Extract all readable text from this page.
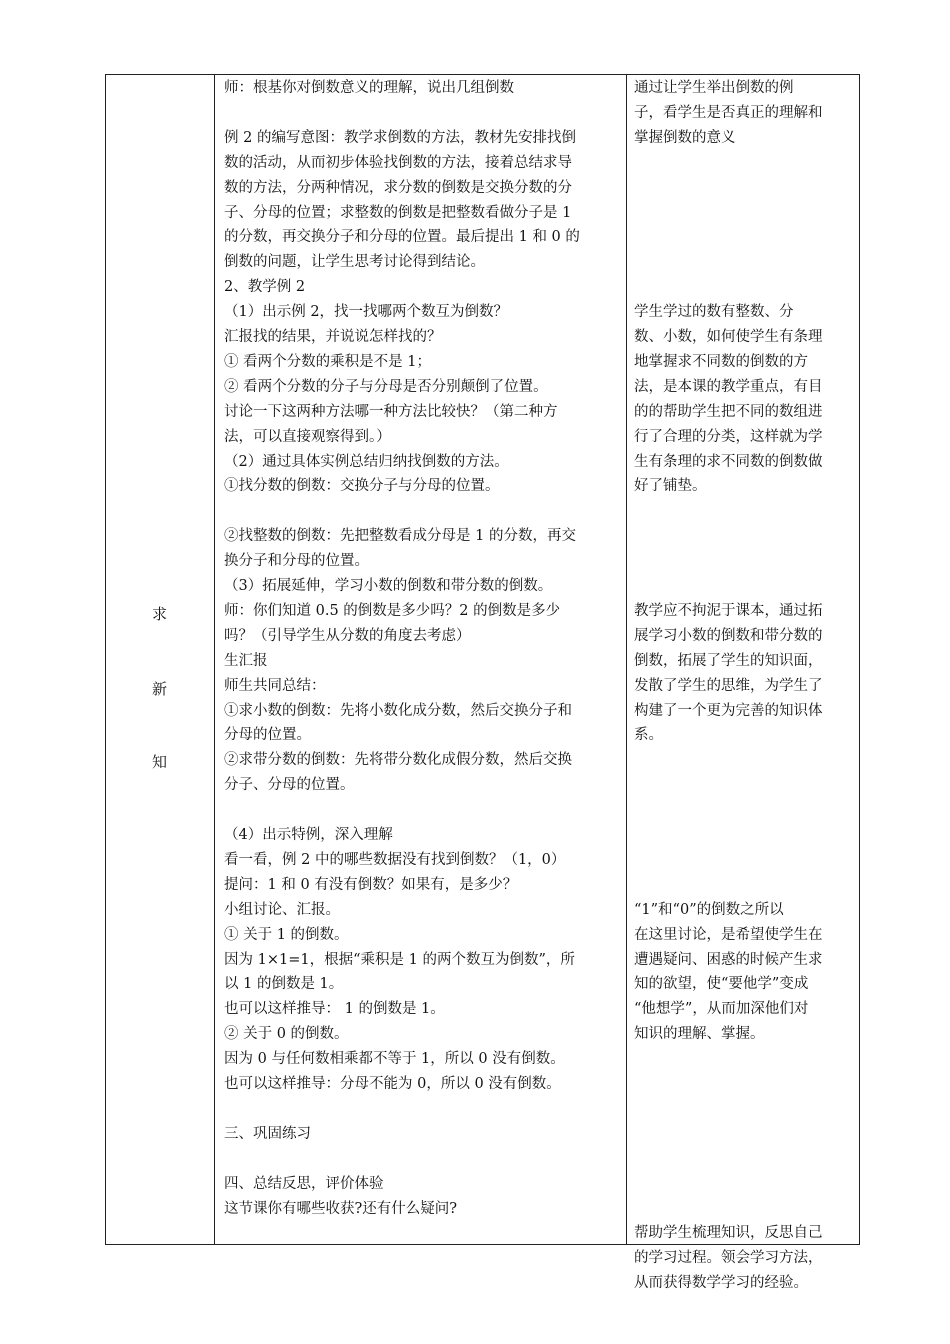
求
新
知
师：根基你对倒数意义的理解，说出几组倒数
例 2 的编写意图：教学求倒数的方法，教材先安排找倒
数的活动，从而初步体验找倒数的方法，接着总结求导
数的方法，分两种情况，求分数的倒数是交换分数的分
子、分母的位置；求整数的倒数是把整数看做分子是 1
的分数，再交换分子和分母的位置。最后提出 1 和 0 的
倒数的问题，让学生思考讨论得到结论。
2、教学例 2
（1）出示例 2，找一找哪两个数互为倒数？
汇报找的结果，并说说怎样找的？
① 看两个分数的乘积是不是 1；
② 看两个分数的分子与分母是否分别颠倒了位置。
讨论一下这两种方法哪一种方法比较快？（第二种方
法，可以直接观察得到。）
（2）通过具体实例总结归纳找倒数的方法。
①找分数的倒数：交换分子与分母的位置。
②找整数的倒数：先把整数看成分母是 1 的分数，再交
换分子和分母的位置。
（3）拓展延伸，学习小数的倒数和带分数的倒数。
师：你们知道 0.5 的倒数是多少吗？2 的倒数是多少
吗？（引导学生从分数的角度去考虑）
生汇报
师生共同总结：
①求小数的倒数：先将小数化成分数，然后交换分子和
分母的位置。
②求带分数的倒数：先将带分数化成假分数，然后交换
分子、分母的位置。
（4）出示特例，深入理解
看一看，例 2 中的哪些数据没有找到倒数？（1，0）
提问：1 和 0 有没有倒数？如果有，是多少？
小组讨论、汇报。
① 关于 1 的倒数。
因为 1×1=1，根据“乘积是 1 的两个数互为倒数”，所
以 1 的倒数是 1。
也可以这样推导： 1 的倒数是 1。
② 关于 0 的倒数。
因为 0 与任何数相乘都不等于 1，所以 0 没有倒数。
也可以这样推导：分母不能为 0，所以 0 没有倒数。
三、巩固练习
四、总结反思，评价体验
这节课你有哪些收获?还有什么疑问?
通过让学生举出倒数的例
子，看学生是否真正的理解和
掌握倒数的意义
学生学过的数有整数、分
数、小数，如何使学生有条理
地掌握求不同数的倒数的方
法，是本课的教学重点，有目
的的帮助学生把不同的数组进
行了合理的分类，这样就为学
生有条理的求不同数的倒数做
好了铺垫。
教学应不拘泥于课本，通过拓
展学习小数的倒数和带分数的
倒数，拓展了学生的知识面，
发散了学生的思维，为学生了
构建了一个更为完善的知识体
系。
“1”和“0”的倒数之所以
在这里讨论，是希望使学生在
遭遇疑问、困惑的时候产生求
知的欲望，使“要他学”变成
“他想学”，从而加深他们对
知识的理解、掌握。
帮助学生梳理知识，反思自己
的学习过程。领会学习方法，
从而获得数学学习的经验。
